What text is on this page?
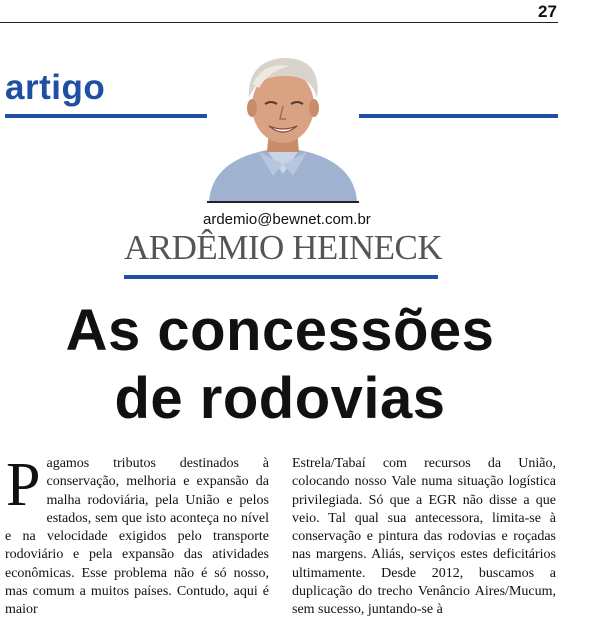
27
artigo
ardemio@bewnet.com.br
ARDÊMIO HEINECK
As concessões
de rodovias
P agamos tributos destinados à conservação, melhoria e expansão da malha rodoviária, pela União e pelos estados, sem que isto aconteça no nível e na velocidade exigidos pelo transporte rodoviário e pela expansão das atividades econômicas. Esse problema não é só nosso, mas comum a muitos países. Contudo, aqui é maior

Estrela/Tabaí com recursos da União, colocando nosso Vale numa situação logística privilegiada. Só que a EGR não disse a que veio. Tal qual sua antecessora, limita-se à conservação e pintura das rodovias e roçadas nas margens. Aliás, serviços estes deficitários ultimamente. Desde 2012, buscamos a duplicação do trecho Venâncio Aires/Mucum, sem sucesso, juntando-se à
